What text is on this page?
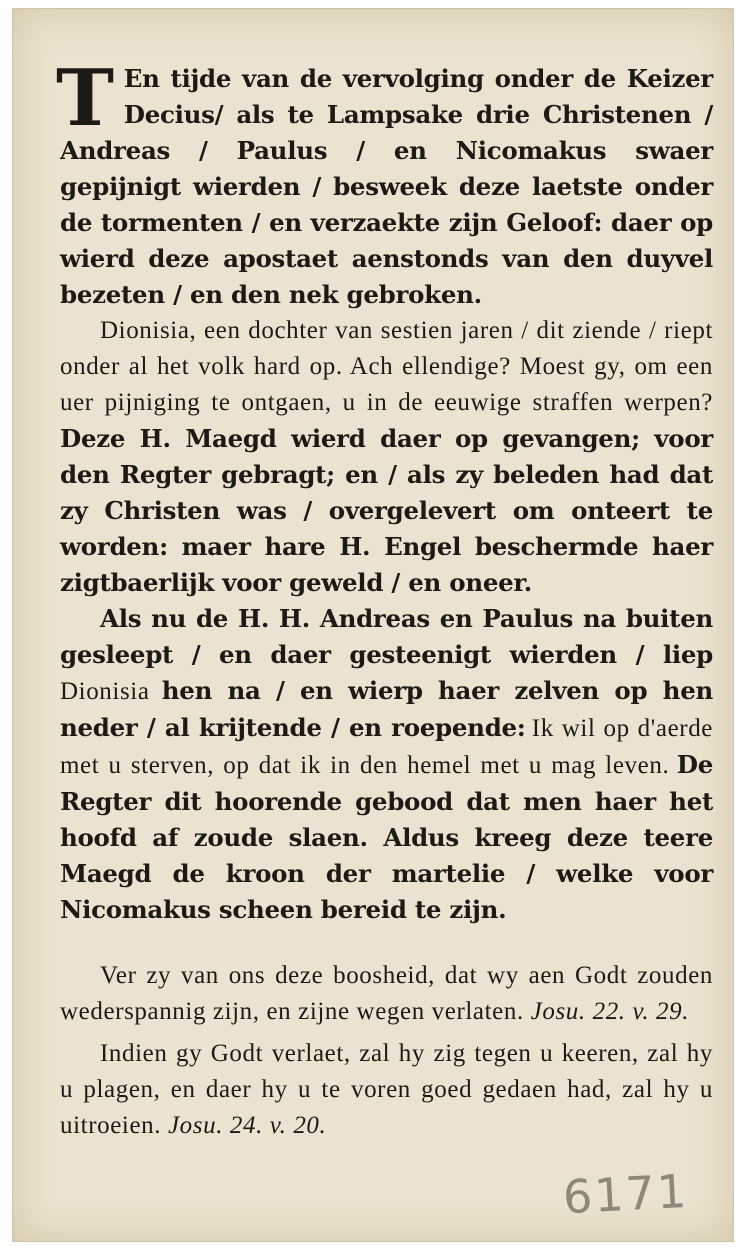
T En tijde van de vervolging onder de Keizer Decius/ als te Lampsake drie Christenen / Andreas / Paulus / en Nicomakus swaer gepijnigt wierden / besweek deze laetste onder de tormenten / en verzaekte zijn Geloof: daer op wierd deze apostaet aenstonds van den duyvel bezeten / en den nek gebroken.

Dionisia, een dochter van sestien jaren / dit ziende / riept onder al het volk hard op. Ach ellendige? Moest gy, om een uer pijniging te ontgaen, u in de eeuwige straffen werpen? Deze H. Maegd wierd daer op gevangen; voor den Regter gebragt; en / als zy beleden had dat zy Christen was / overgelevert om onteert te worden: maer hare H. Engel beschermde haer zigtbaerlijk voor geweld / en oneer.

Als nu de H. H. Andreas en Paulus na buiten gesleept / en daer gesteenigt wierden / liep Dionisia hen na / en wierp haer zelven op hen neder / al krijtende / en roepende: Ik wil op d'aerde met u sterven, op dat ik in den hemel met u mag leven. De Regter dit hoorende gebood dat men haer het hoofd af zoude slaen. Aldus kreeg deze teere Maegd de kroon der martelie / welke voor Nicomakus scheen bereid te zijn.

Ver zy van ons deze boosheid, dat wy aen Godt zouden wederspannig zijn, en zijne wegen verlaten. Josu. 22. v. 29.

Indien gy Godt verlaet, zal hy zig tegen u keeren, zal hy u plagen, en daer hy u te voren goed gedaen had, zal hy u uitroeien. Josu. 24. v. 20.

6171
